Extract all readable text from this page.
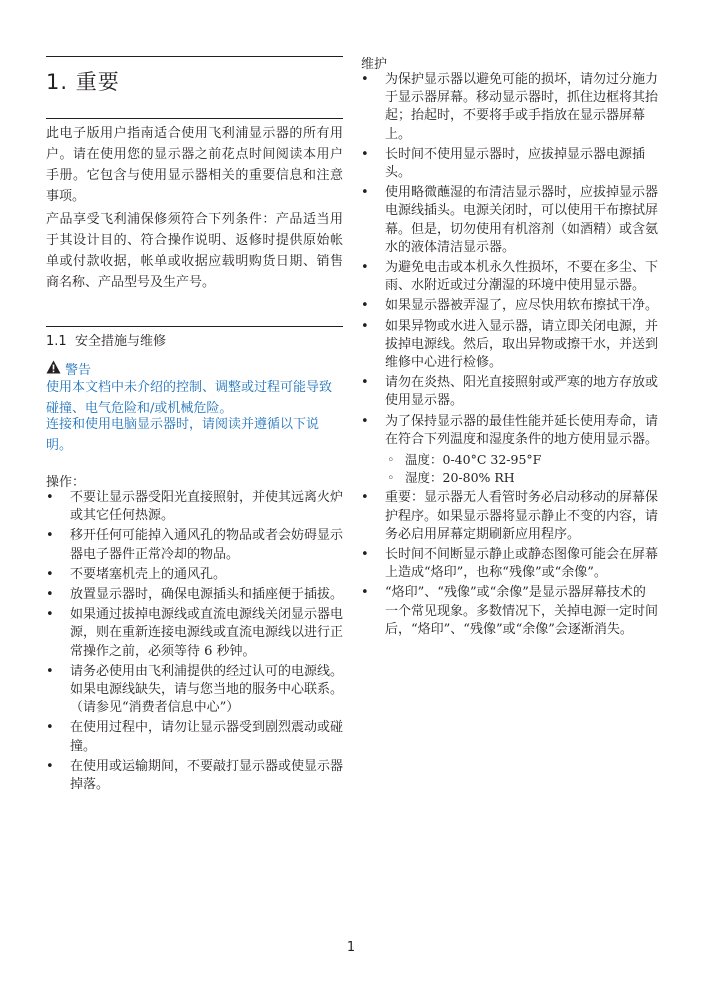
1. 重要

此电子版用户指南适合使用飞利浦显示器的所有用户。请在使用您的显示器之前花点时间阅读本用户手册。它包含与使用显示器相关的重要信息和注意事项。

产品享受飞利浦保修须符合下列条件：产品适当用于其设计目的、符合操作说明、返修时提供原始帐单或付款收据，帐单或收据应载明购货日期、销售商名称、产品型号及生产号。

1.1 安全措施与维修
警告

使用本文档中未介绍的控制、调整或过程可能导致碰撞、电气危险和/或机械危险。

连接和使用电脑显示器时，请阅读并遵循以下说明。

操作：

• 不要让显示器受阳光直接照射，并使其远离火炉或其它任何热源。
• 移开任何可能掉入通风孔的物品或者会妨碍显示器电子器件正常冷却的物品。
• 不要堵塞机壳上的通风孔。
• 放置显示器时，确保电源插头和插座便于插拔。
• 如果通过拔掉电源线或直流电源线关闭显示器电源，则在重新连接电源线或直流电源线以进行正常操作之前，必须等待 6 秒钟。
• 请务必使用由飞利浦提供的经过认可的电源线。如果电源线缺失，请与您当地的服务中心联系。（请参见“消费者信息中心”）
• 在使用过程中，请勿让显示器受到剧烈震动或碰撞。
• 在使用或运输期间，不要敲打显示器或使显示器掉落。

维护

• 为保护显示器以避免可能的损坏，请勿过分施力于显示器屏幕。移动显示器时，抓住边框将其抬起；抬起时，不要将手或手指放在显示器屏幕上。
• 长时间不使用显示器时，应拔掉显示器电源插头。
• 使用略微蘸湿的布清洁显示器时，应拔掉显示器电源线插头。电源关闭时，可以使用干布擦拭屏幕。但是，切勿使用有机溶剂（如酒精）或含氨水的液体清洁显示器。
• 为避免电击或本机永久性损坏，不要在多尘、下雨、水附近或过分潮湿的环境中使用显示器。
• 如果显示器被弄湿了，应尽快用软布擦拭干净。
• 如果异物或水进入显示器，请立即关闭电源，并拔掉电源线。然后，取出异物或擦干水，并送到维修中心进行检修。
• 请勿在炎热、阳光直接照射或严寒的地方存放或使用显示器。
• 为了保持显示器的最佳性能并延长使用寿命，请在符合下列温度和湿度条件的地方使用显示器。
◦ 温度：0-40°C 32-95°F
◦ 湿度：20-80% RH
• 重要：显示器无人看管时务必启动移动的屏幕保护程序。如果显示器将显示静止不变的内容，请务必启用屏幕定期刷新应用程序。
• 长时间不间断显示静止或静态图像可能会在屏幕上造成“烙印”，也称“残像”或“余像”。
• “烙印”、“残像”或“余像”是显示器屏幕技术的一个常见现象。多数情况下，关掉电源一定时间后，“烙印”、“残像”或“余像”会逐渐消失。

1
